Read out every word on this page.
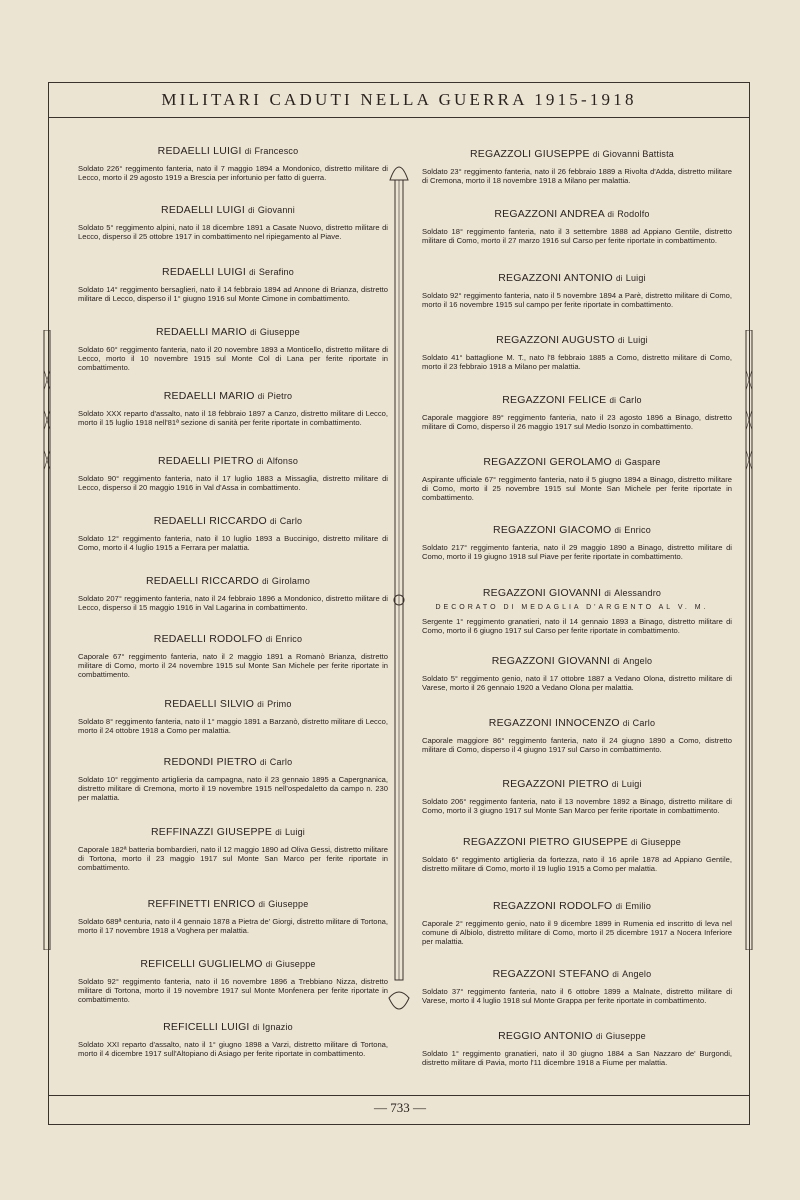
MILITARI CADUTI NELLA GUERRA 1915-1918
REDAELLI LUIGI di Francesco
Soldato 226° reggimento fanteria, nato il 7 maggio 1894 a Mondonico, distretto militare di Lecco, morto il 29 agosto 1919 a Brescia per infortunio per fatto di guerra.
REDAELLI LUIGI di Giovanni
Soldato 5° reggimento alpini, nato il 18 dicembre 1891 a Casate Nuovo, distretto militare di Lecco, disperso il 25 ottobre 1917 in combattimento nel ripiegamento al Piave.
REDAELLI LUIGI di Serafino
Soldato 14° reggimento bersaglieri, nato il 14 febbraio 1894 ad Annone di Brianza, distretto militare di Lecco, disperso il 1° giugno 1916 sul Monte Cimone in combattimento.
REDAELLI MARIO di Giuseppe
Soldato 60° reggimento fanteria, nato il 20 novembre 1893 a Monticello, distretto militare di Lecco, morto il 10 novembre 1915 sul Monte Col di Lana per ferite riportate in combattimento.
REDAELLI MARIO di Pietro
Soldato XXX reparto d'assalto, nato il 18 febbraio 1897 a Canzo, distretto militare di Lecco, morto il 15 luglio 1918 nell'81ª sezione di sanità per ferite riportate in combattimento.
REDAELLI PIETRO di Alfonso
Soldato 90° reggimento fanteria, nato il 17 luglio 1883 a Missaglia, distretto militare di Lecco, disperso il 20 maggio 1916 in Val d'Assa in combattimento.
REDAELLI RICCARDO di Carlo
Soldato 12° reggimento fanteria, nato il 10 luglio 1893 a Buccinigo, distretto militare di Como, morto il 4 luglio 1915 a Ferrara per malattia.
REDAELLI RICCARDO di Girolamo
Soldato 207° reggimento fanteria, nato il 24 febbraio 1896 a Mondonico, distretto militare di Lecco, disperso il 15 maggio 1916 in Val Lagarina in combattimento.
REDAELLI RODOLFO di Enrico
Caporale 67° reggimento fanteria, nato il 2 maggio 1891 a Romanò Brianza, distretto militare di Como, morto il 24 novembre 1915 sul Monte San Michele per ferite riportate in combattimento.
REDAELLI SILVIO di Primo
Soldato 8° reggimento fanteria, nato il 1° maggio 1891 a Barzanò, distretto militare di Lecco, morto il 24 ottobre 1918 a Como per malattia.
REDONDI PIETRO di Carlo
Soldato 10° reggimento artiglieria da campagna, nato il 23 gennaio 1895 a Capergnanica, distretto militare di Cremona, morto il 19 novembre 1915 nell'ospedaletto da campo n. 230 per malattia.
REFFINAZZI GIUSEPPE di Luigi
Caporale 182ª batteria bombardieri, nato il 12 maggio 1890 ad Oliva Gessi, distretto militare di Tortona, morto il 23 maggio 1917 sul Monte San Marco per ferite riportate in combattimento.
REFFINETTI ENRICO di Giuseppe
Soldato 689ª centuria, nato il 4 gennaio 1878 a Pietra de' Giorgi, distretto militare di Tortona, morto il 17 novembre 1918 a Voghera per malattia.
REFICELLI GUGLIELMO di Giuseppe
Soldato 92° reggimento fanteria, nato il 16 novembre 1896 a Trebbiano Nizza, distretto militare di Tortona, morto il 19 novembre 1917 sul Monte Monfenera per ferite riportate in combattimento.
REFICELLI LUIGI di Ignazio
Soldato XXI reparto d'assalto, nato il 1° giugno 1898 a Varzi, distretto militare di Tortona, morto il 4 dicembre 1917 sull'Altopiano di Asiago per ferite riportate in combattimento.
REGAZZOLI GIUSEPPE di Giovanni Battista
Soldato 23° reggimento fanteria, nato il 26 febbraio 1889 a Rivolta d'Adda, distretto militare di Cremona, morto il 18 novembre 1918 a Milano per malattia.
REGAZZONI ANDREA di Rodolfo
Soldato 18° reggimento fanteria, nato il 3 settembre 1888 ad Appiano Gentile, distretto militare di Como, morto il 27 marzo 1916 sul Carso per ferite riportate in combattimento.
REGAZZONI ANTONIO di Luigi
Soldato 92° reggimento fanteria, nato il 5 novembre 1894 a Parè, distretto militare di Como, morto il 16 novembre 1915 sul campo per ferite riportate in combattimento.
REGAZZONI AUGUSTO di Luigi
Soldato 41° battaglione M. T., nato l'8 febbraio 1885 a Como, distretto militare di Como, morto il 23 febbraio 1918 a Milano per malattia.
REGAZZONI FELICE di Carlo
Caporale maggiore 89° reggimento fanteria, nato il 23 agosto 1896 a Binago, distretto militare di Como, disperso il 26 maggio 1917 sul Medio Isonzo in combattimento.
REGAZZONI GEROLAMO di Gaspare
Aspirante ufficiale 67° reggimento fanteria, nato il 5 giugno 1894 a Binago, distretto militare di Como, morto il 25 novembre 1915 sul Monte San Michele per ferite riportate in combattimento.
REGAZZONI GIACOMO di Enrico
Soldato 217° reggimento fanteria, nato il 29 maggio 1890 a Binago, distretto militare di Como, morto il 19 giugno 1918 sul Piave per ferite riportate in combattimento.
REGAZZONI GIOVANNI di Alessandro
DECORATO DI MEDAGLIA D'ARGENTO AL V. M.
Sergente 1° reggimento granatieri, nato il 14 gennaio 1893 a Binago, distretto militare di Como, morto il 6 giugno 1917 sul Carso per ferite riportate in combattimento.
REGAZZONI GIOVANNI di Angelo
Soldato 5° reggimento genio, nato il 17 ottobre 1887 a Vedano Olona, distretto militare di Varese, morto il 26 gennaio 1920 a Vedano Olona per malattia.
REGAZZONI INNOCENZO di Carlo
Caporale maggiore 86° reggimento fanteria, nato il 24 giugno 1890 a Como, distretto militare di Como, disperso il 4 giugno 1917 sul Carso in combattimento.
REGAZZONI PIETRO di Luigi
Soldato 206° reggimento fanteria, nato il 13 novembre 1892 a Binago, distretto militare di Como, morto il 3 giugno 1917 sul Monte San Marco per ferite riportate in combattimento.
REGAZZONI PIETRO GIUSEPPE di Giuseppe
Soldato 6° reggimento artiglieria da fortezza, nato il 16 aprile 1878 ad Appiano Gentile, distretto militare di Como, morto il 19 luglio 1915 a Como per malattia.
REGAZZONI RODOLFO di Emilio
Caporale 2° reggimento genio, nato il 9 dicembre 1899 in Rumenia ed inscritto di leva nel comune di Albiolo, distretto militare di Como, morto il 25 dicembre 1917 a Nocera Inferiore per malattia.
REGAZZONI STEFANO di Angelo
Soldato 37° reggimento fanteria, nato il 6 ottobre 1899 a Malnate, distretto militare di Varese, morto il 4 luglio 1918 sul Monte Grappa per ferite riportate in combattimento.
REGGIO ANTONIO di Giuseppe
Soldato 1° reggimento granatieri, nato il 30 giugno 1884 a San Nazzaro de' Burgondi, distretto militare di Pavia, morto l'11 dicembre 1918 a Fiume per malattia.
— 733 —
